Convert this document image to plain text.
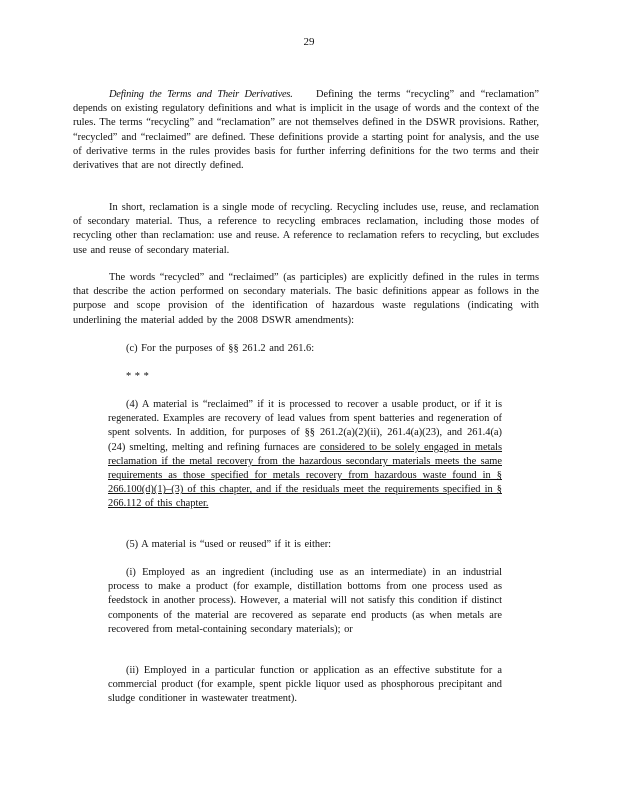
29

Defining the Terms and Their Derivatives. Defining the terms “recycling” and “reclamation” depends on existing regulatory definitions and what is implicit in the usage of words and the context of the rules. The terms “recycling” and “reclamation” are not themselves defined in the DSWR provisions. Rather, “recycled” and “reclaimed” are defined. These definitions provide a starting point for analysis, and the use of derivative terms in the rules provides basis for further inferring definitions for the two terms and their derivatives that are not directly defined.

In short, reclamation is a single mode of recycling. Recycling includes use, reuse, and reclamation of secondary material. Thus, a reference to recycling embraces reclamation, including those modes of recycling other than reclamation: use and reuse. A reference to reclamation refers to recycling, but excludes use and reuse of secondary material.

The words “recycled” and “reclaimed” (as participles) are explicitly defined in the rules in terms that describe the action performed on secondary materials. The basic definitions appear as follows in the purpose and scope provision of the identification of hazardous waste regulations (indicating with underlining the material added by the 2008 DSWR amendments):

(c) For the purposes of §§ 261.2 and 261.6:

* * *

(4) A material is “reclaimed” if it is processed to recover a usable product, or if it is regenerated. Examples are recovery of lead values from spent batteries and regeneration of spent solvents. In addition, for purposes of §§ 261.2(a)(2)(ii), 261.4(a)(23), and 261.4(a)(24) smelting, melting and refining furnaces are considered to be solely engaged in metals reclamation if the metal recovery from the hazardous secondary materials meets the same requirements as those specified for metals recovery from hazardous waste found in § 266.100(d)(1)–(3) of this chapter, and if the residuals meet the requirements specified in § 266.112 of this chapter.

(5) A material is “used or reused” if it is either:

(i) Employed as an ingredient (including use as an intermediate) in an industrial process to make a product (for example, distillation bottoms from one process used as feedstock in another process). However, a material will not satisfy this condition if distinct components of the material are recovered as separate end products (as when metals are recovered from metal-containing secondary materials); or

(ii) Employed in a particular function or application as an effective substitute for a commercial product (for example, spent pickle liquor used as phosphorous precipitant and sludge conditioner in wastewater treatment).
